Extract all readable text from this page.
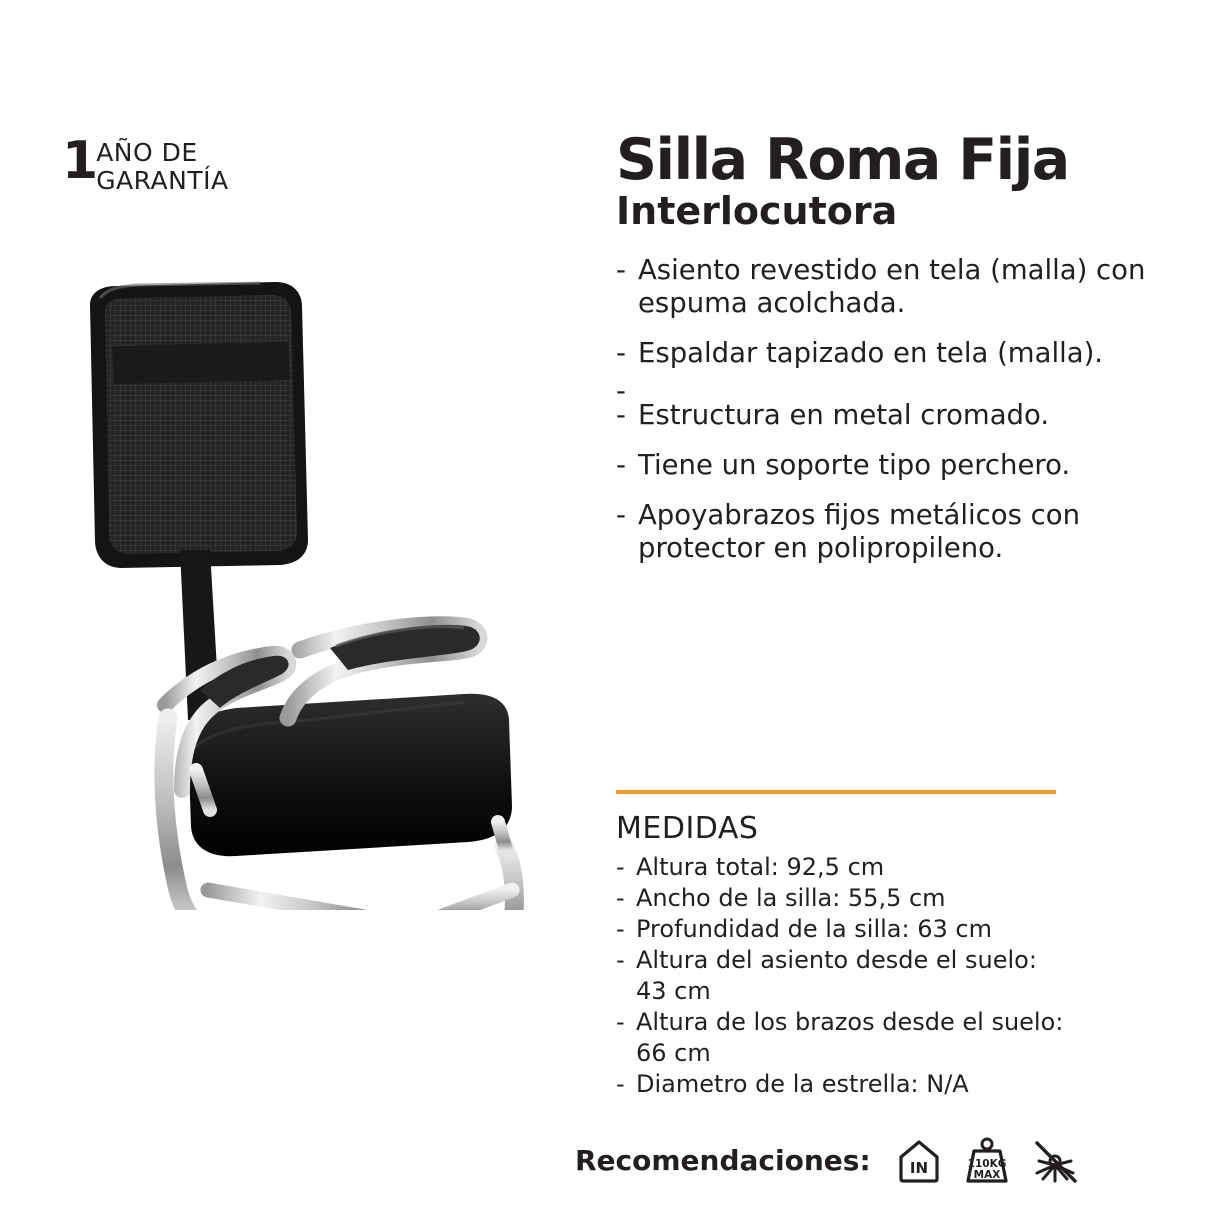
1 AÑO DE
GARANTÍA	Silla Roma Fija
Interlocutora
- Asiento revestido en tela (malla) con espuma acolchada.
- Espaldar tapizado en tela (malla).
-
- Estructura en metal cromado.
- Tiene un soporte tipo perchero.
- Apoyabrazos fijos metálicos con protector en polipropileno.
MEDIDAS
- Altura total: 92,5 cm
- Ancho de la silla: 55,5 cm
- Profundidad de la silla: 63 cm
- Altura del asiento desde el suelo: 43 cm
- Altura de los brazos desde el suelo: 66 cm
- Diametro de la estrella: N/A
Recomendaciones:	IN	110KG
MAX
